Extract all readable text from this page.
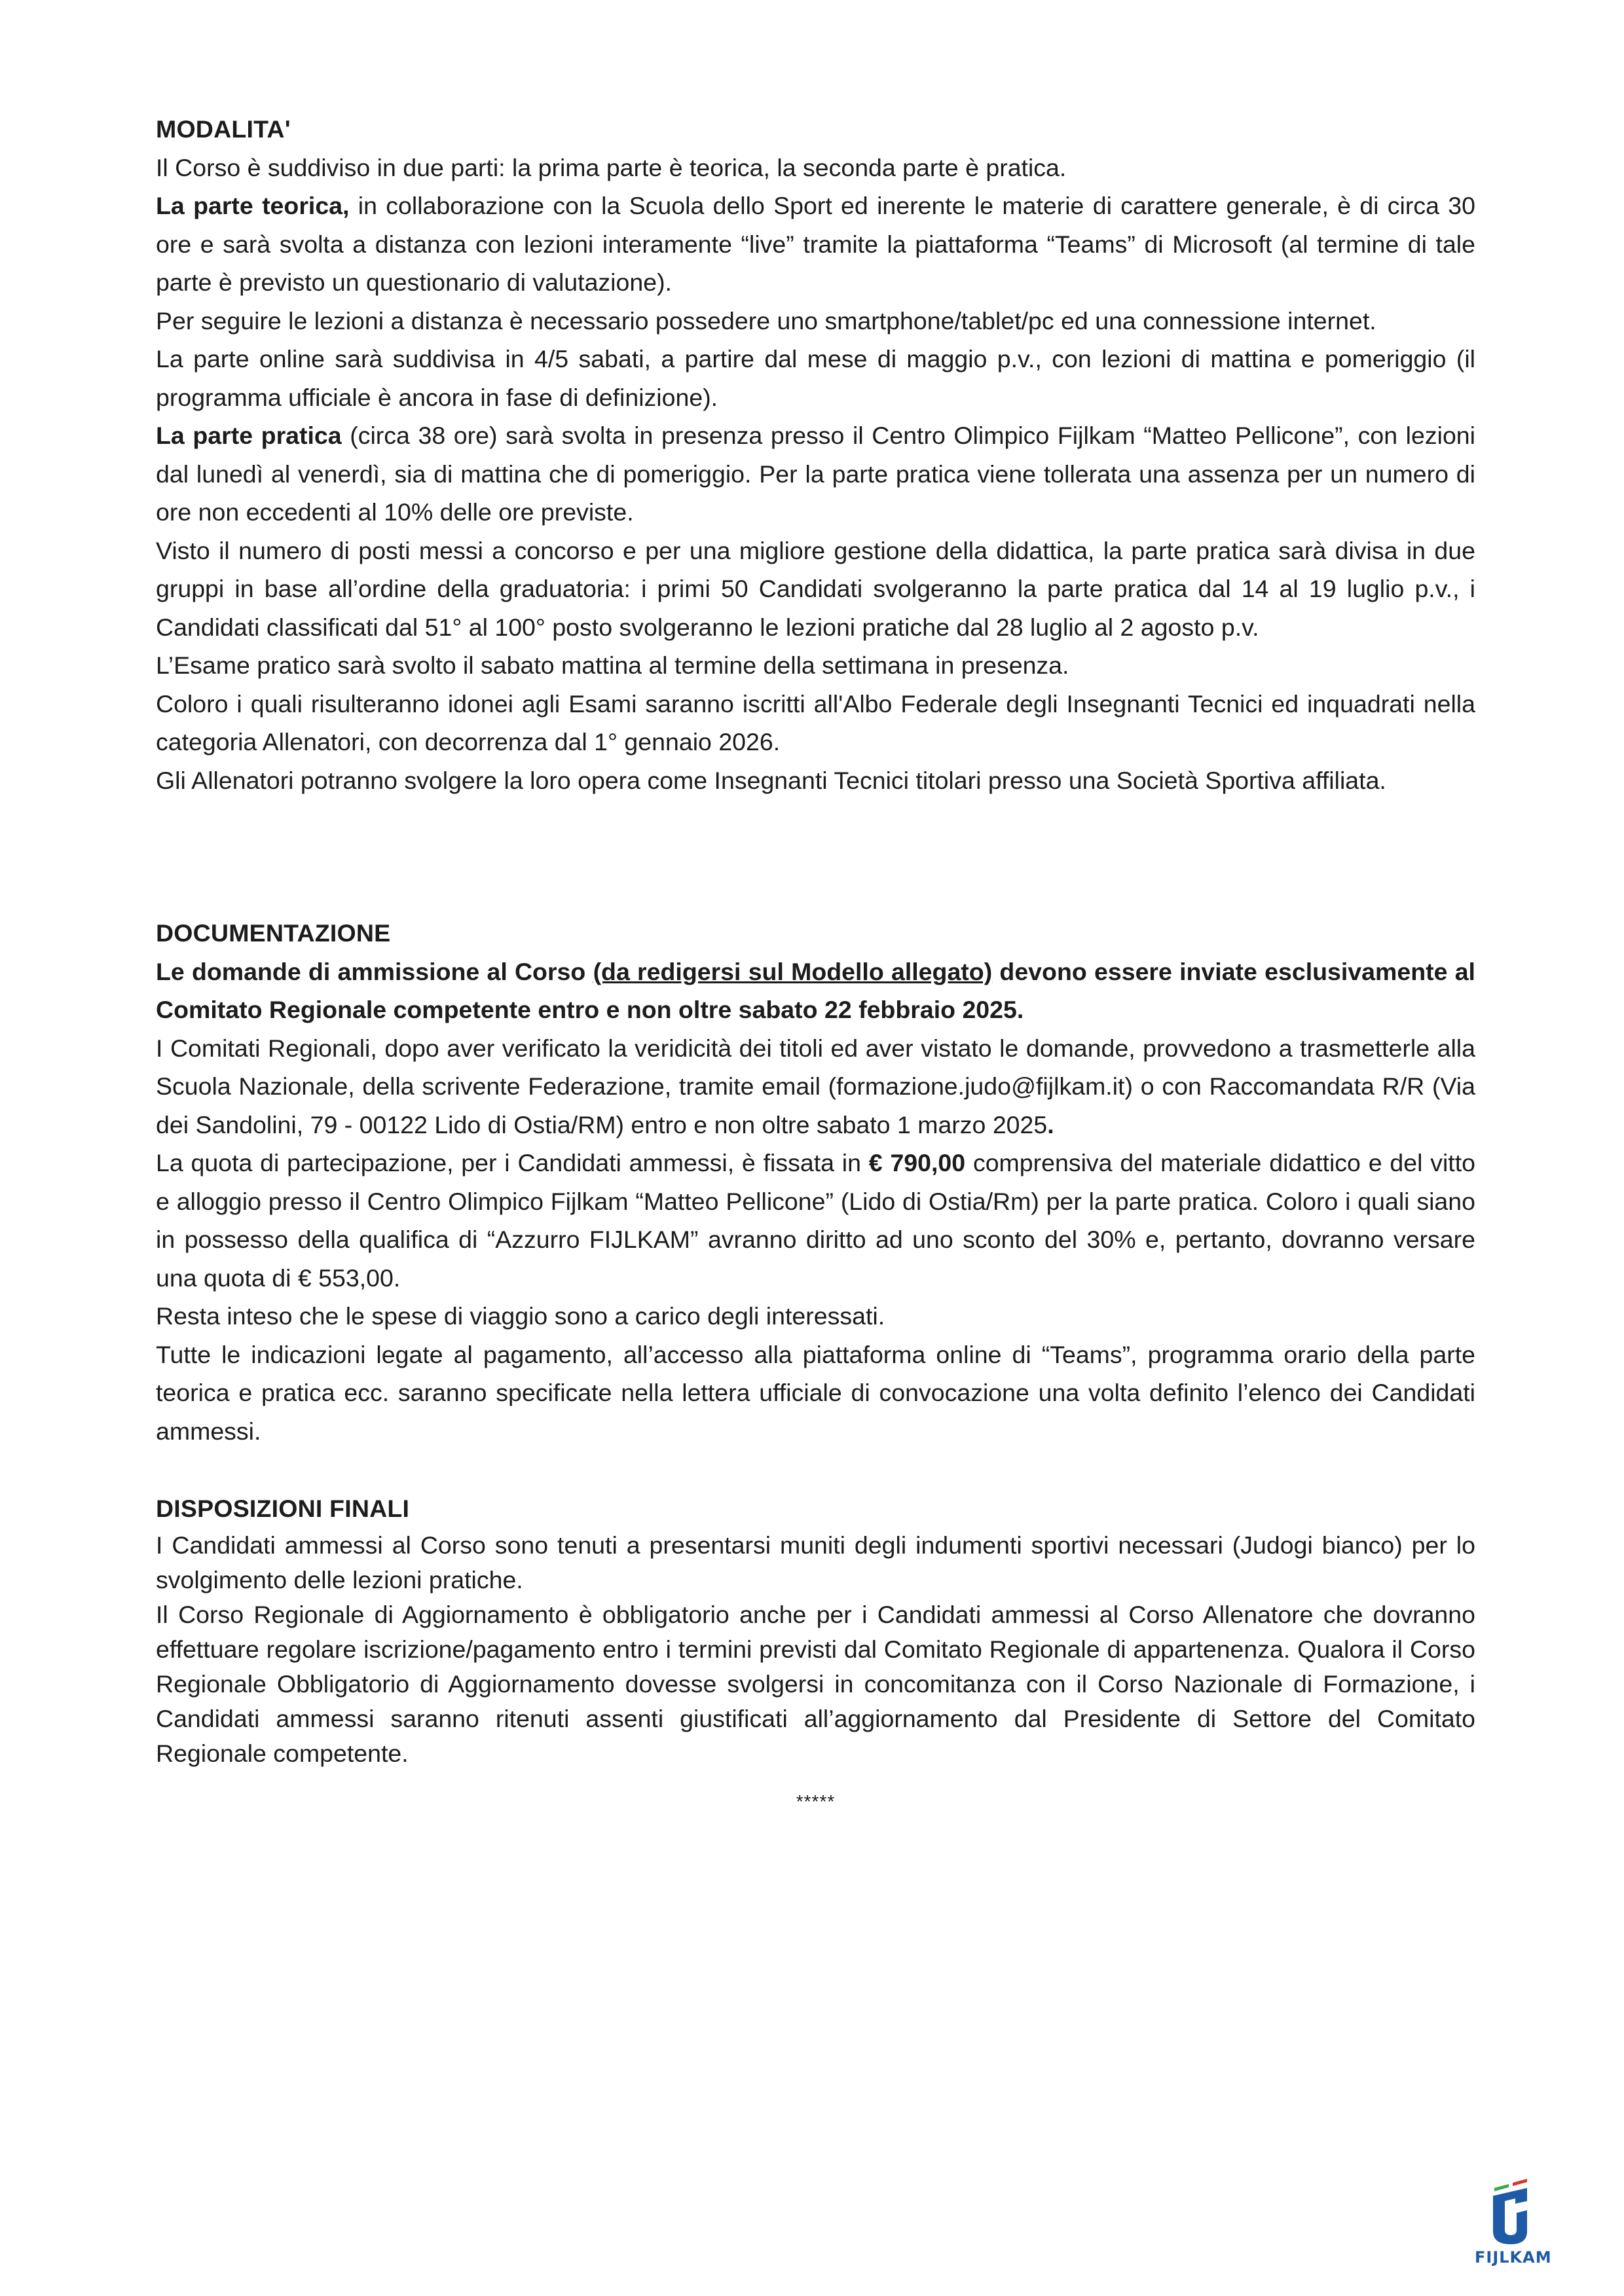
MODALITA'

Il Corso è suddiviso in due parti: la prima parte è teorica, la seconda parte è pratica.

La parte teorica, in collaborazione con la Scuola dello Sport ed inerente le materie di carattere generale, è di circa 30 ore e sarà svolta a distanza con lezioni interamente “live” tramite la piattaforma “Teams” di Microsoft (al termine di tale parte è previsto un questionario di valutazione).

Per seguire le lezioni a distanza è necessario possedere uno smartphone/tablet/pc ed una connessione internet.

La parte online sarà suddivisa in 4/5 sabati, a partire dal mese di maggio p.v., con lezioni di mattina e pomeriggio (il programma ufficiale è ancora in fase di definizione).

La parte pratica (circa 38 ore) sarà svolta in presenza presso il Centro Olimpico Fijlkam “Matteo Pellicone”, con lezioni dal lunedì al venerdì, sia di mattina che di pomeriggio. Per la parte pratica viene tollerata una assenza per un numero di ore non eccedenti al 10% delle ore previste.

Visto il numero di posti messi a concorso e per una migliore gestione della didattica, la parte pratica sarà divisa in due gruppi in base all’ordine della graduatoria: i primi 50 Candidati svolgeranno la parte pratica dal 14 al 19 luglio p.v., i Candidati classificati dal 51° al 100° posto svolgeranno le lezioni pratiche dal 28 luglio al 2 agosto p.v.

L’Esame pratico sarà svolto il sabato mattina al termine della settimana in presenza.

Coloro i quali risulteranno idonei agli Esami saranno iscritti all'Albo Federale degli Insegnanti Tecnici ed inquadrati nella categoria Allenatori, con decorrenza dal 1° gennaio 2026.

Gli Allenatori potranno svolgere la loro opera come Insegnanti Tecnici titolari presso una Società Sportiva affiliata.

DOCUMENTAZIONE

Le domande di ammissione al Corso (da redigersi sul Modello allegato) devono essere inviate esclusivamente al Comitato Regionale competente entro e non oltre sabato 22 febbraio 2025.

I Comitati Regionali, dopo aver verificato la veridicità dei titoli ed aver vistato le domande, provvedono a trasmetterle alla Scuola Nazionale, della scrivente Federazione, tramite email (formazione.judo@fijlkam.it) o con Raccomandata R/R (Via dei Sandolini, 79 - 00122 Lido di Ostia/RM) entro e non oltre sabato 1 marzo 2025.

La quota di partecipazione, per i Candidati ammessi, è fissata in € 790,00 comprensiva del materiale didattico e del vitto e alloggio presso il Centro Olimpico Fijlkam “Matteo Pellicone” (Lido di Ostia/Rm) per la parte pratica. Coloro i quali siano in possesso della qualifica di “Azzurro FIJLKAM” avranno diritto ad uno sconto del 30% e, pertanto, dovranno versare una quota di € 553,00.

Resta inteso che le spese di viaggio sono a carico degli interessati.

Tutte le indicazioni legate al pagamento, all’accesso alla piattaforma online di “Teams”, programma orario della parte teorica e pratica ecc. saranno specificate nella lettera ufficiale di convocazione una volta definito l’elenco dei Candidati ammessi.

DISPOSIZIONI FINALI

I Candidati ammessi al Corso sono tenuti a presentarsi muniti degli indumenti sportivi necessari (Judogi bianco) per lo svolgimento delle lezioni pratiche.

Il Corso Regionale di Aggiornamento è obbligatorio anche per i Candidati ammessi al Corso Allenatore che dovranno effettuare regolare iscrizione/pagamento entro i termini previsti dal Comitato Regionale di appartenenza. Qualora il Corso Regionale Obbligatorio di Aggiornamento dovesse svolgersi in concomitanza con il Corso Nazionale di Formazione, i Candidati ammessi saranno ritenuti assenti giustificati all’aggiornamento dal Presidente di Settore del Comitato Regionale competente.

*****
FIJLKAM
